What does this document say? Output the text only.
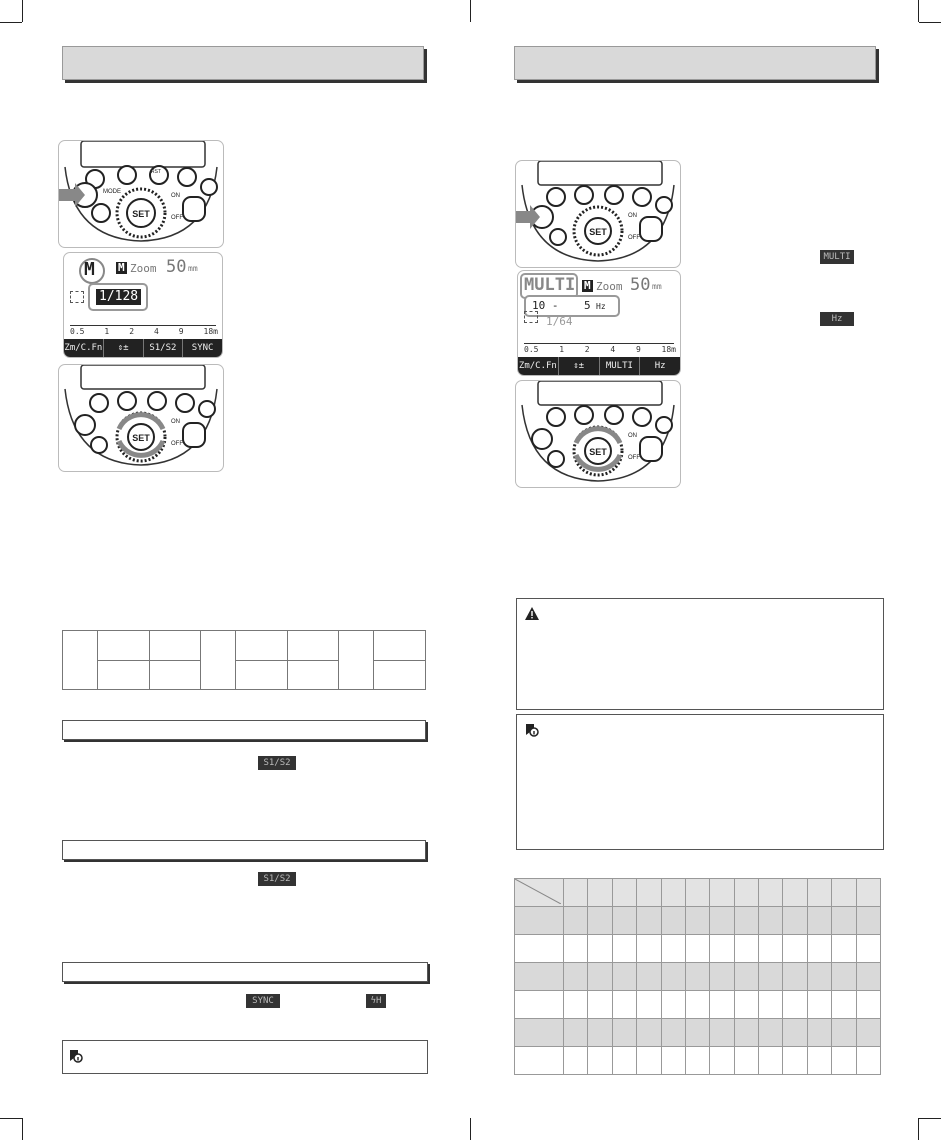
SET
MODE
ON
OFF
RST
M M Zoom 50 mm
1/128
0.5 1 2 4 9 18m
Zm/C.Fn	⇕±	S1/S2	SYNC
SET
ON
OFF

S1/S2
S1/S2
SYNC	ϟH
SET
ON
OFF
MULTI
Hz
MULTI M Zoom 50 mm
10 - 5 Hz
1/64
0.5	1	2	4	9	18m
Zm/C.Fn	⇕±	MULTI	Hz
SET
ON
OFF
